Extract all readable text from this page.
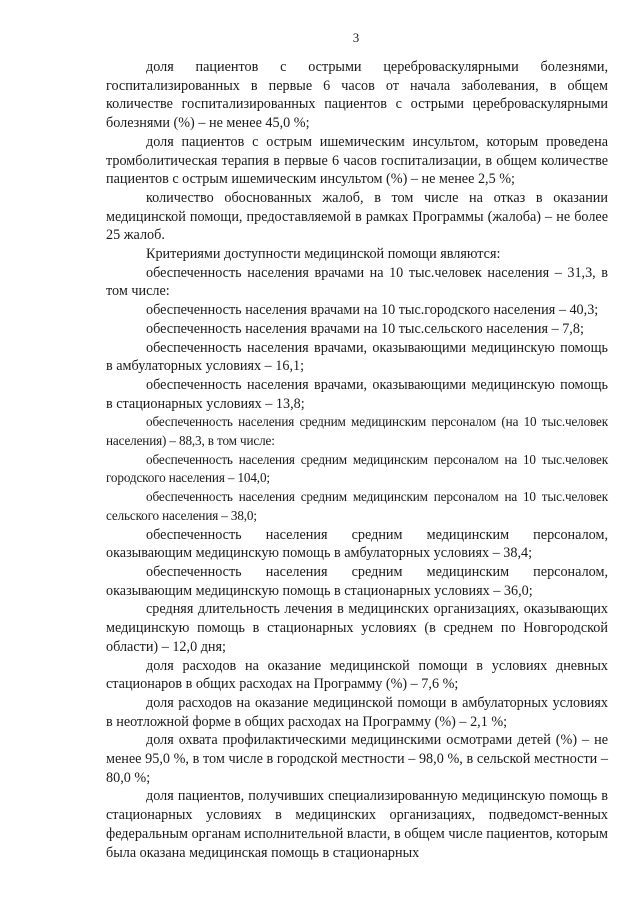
3

доля пациентов с острыми цереброваскулярными болезнями, госпитализированных в первые 6 часов от начала заболевания, в общем количестве госпитализированных пациентов с острыми цереброваскулярными болезнями (%) – не менее 45,0 %;

доля пациентов с острым ишемическим инсультом, которым проведена тромболитическая терапия в первые 6 часов госпитализации, в общем количестве пациентов с острым ишемическим инсультом (%) – не менее 2,5 %;

количество обоснованных жалоб, в том числе на отказ в оказании медицинской помощи, предоставляемой в рамках Программы (жалоба) – не более 25 жалоб.

Критериями доступности медицинской помощи являются:

обеспеченность населения врачами на 10 тыс.человек населения – 31,3, в том числе:

обеспеченность населения врачами на 10 тыс.городского населения – 40,3;

обеспеченность населения врачами на 10 тыс.сельского населения – 7,8;

обеспеченность населения врачами, оказывающими медицинскую помощь в амбулаторных условиях – 16,1;

обеспеченность населения врачами, оказывающими медицинскую помощь в стационарных условиях – 13,8;

обеспеченность населения средним медицинским персоналом (на 10 тыс.человек населения) – 88,3, в том числе:

обеспеченность населения средним медицинским персоналом на 10 тыс.человек городского населения – 104,0;

обеспеченность населения средним медицинским персоналом на 10 тыс.человек сельского населения – 38,0;

обеспеченность населения средним медицинским персоналом, оказывающим медицинскую помощь в амбулаторных условиях – 38,4;

обеспеченность населения средним медицинским персоналом, оказывающим медицинскую помощь в стационарных условиях – 36,0;

средняя длительность лечения в медицинских организациях, оказывающих медицинскую помощь в стационарных условиях (в среднем по Новгородской области) – 12,0 дня;

доля расходов на оказание медицинской помощи в условиях дневных стационаров в общих расходах на Программу (%) – 7,6 %;

доля расходов на оказание медицинской помощи в амбулаторных условиях в неотложной форме в общих расходах на Программу (%) – 2,1 %;

доля охвата профилактическими медицинскими осмотрами детей (%) – не менее 95,0 %, в том числе в городской местности – 98,0 %, в сельской местности – 80,0 %;

доля пациентов, получивших специализированную медицинскую помощь в стационарных условиях в медицинских организациях, подведомст-венных федеральным органам исполнительной власти, в общем числе пациентов, которым была оказана медицинская помощь в стационарных
